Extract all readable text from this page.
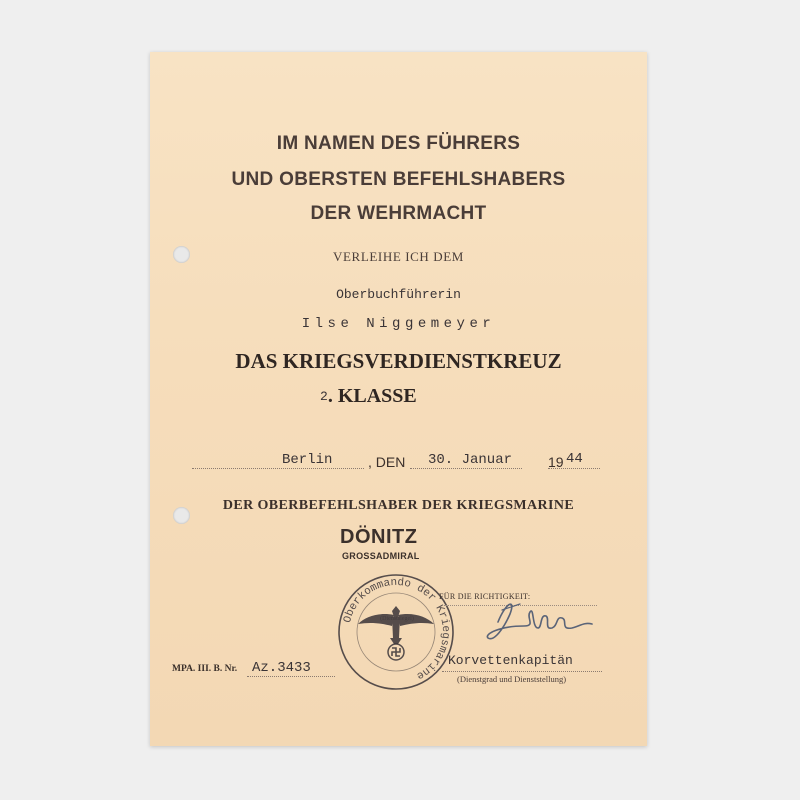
IM NAMEN DES FÜHRERS
UND OBERSTEN BEFEHLSHABERS
DER WEHRMACHT
VERLEIHE ICH DEM
Oberbuchführerin
Ilse Niggemeyer
DAS KRIEGSVERDIENSTKREUZ
2. KLASSE
Berlin	, DEN 30. Januar	19 44
DER OBERBEFEHLSHABER DER KRIEGSMARINE
DÖNITZ
GROSSADMIRAL
Oberkommando der Kriegsmarine
(Dienstsiegel)
FÜR DIE RICHTIGKEIT:
MPA. III. B. Nr. Az.3433	Korvettenkapitän
(Dienstgrad und Dienststellung)
